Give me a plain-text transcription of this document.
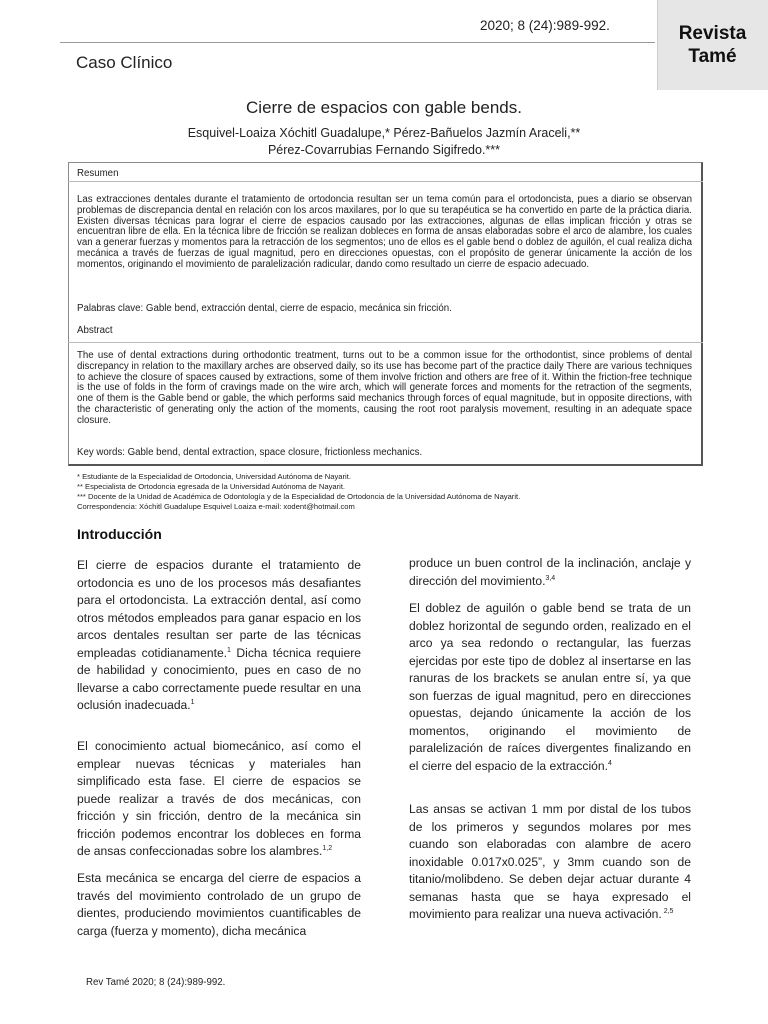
2020; 8 (24):989-992.
Caso Clínico
Revista
Tamé
Cierre de espacios con gable bends.
Esquivel-Loaiza Xóchitl Guadalupe,* Pérez-Bañuelos Jazmín Araceli,**
Pérez-Covarrubias Fernando Sigifredo.***
Resumen
Las extracciones dentales durante el tratamiento de ortodoncia resultan ser un tema común para el ortodoncista, pues a diario se observan problemas de discrepancia dental en relación con los arcos maxilares, por lo que su terapéutica se ha convertido en parte de la práctica diaria. Existen diversas técnicas para lograr el cierre de espacios causado por las extracciones, algunas de ellas implican fricción y otras se encuentran libre de ella. En la técnica libre de fricción se realizan dobleces en forma de ansas elaboradas sobre el arco de alambre, los cuales van a generar fuerzas y momentos para la retracción de los segmentos; uno de ellos es el gable bend o doblez de aguilón, el cual realiza dicha mecánica a través de fuerzas de igual magnitud, pero en direcciones opuestas, con el propósito de generar únicamente la acción de los momentos, originando el movimiento de paralelización radicular, dando como resultado un cierre de espacio adecuado.
Palabras clave: Gable bend, extracción dental, cierre de espacio, mecánica sin fricción.
Abstract
The use of dental extractions during orthodontic treatment, turns out to be a common issue for the orthodontist, since problems of dental discrepancy in relation to the maxillary arches are observed daily, so its use has become part of the practice daily There are various techniques to achieve the closure of spaces caused by extractions, some of them involve friction and others are free of it. Within the friction-free technique is the use of folds in the form of cravings made on the wire arch, which will generate forces and moments for the retraction of the segments, one of them is the Gable bend or gable, the which performs said mechanics through forces of equal magnitude, but in opposite directions, with the characteristic of generating only the action of the moments, causing the root root paralysis movement, resulting in an adequate space closure.
Key words: Gable bend, dental extraction, space closure, frictionless mechanics.
* Estudiante de la Especialidad de Ortodoncia, Universidad Autónoma de Nayarit.
** Especialista de Ortodoncia egresada de la Universidad Autónoma de Nayarit.
*** Docente de la Unidad de Académica de Odontología y de la Especialidad de Ortodoncia de la Universidad Autónoma de Nayarit.
Correspondencia: Xóchitl Guadalupe Esquivel Loaiza e-mail: xodent@hotmail.com
Introducción

El cierre de espacios durante el tratamiento de ortodoncia es uno de los procesos más desafiantes para el ortodoncista. La extracción dental, así como otros métodos empleados para ganar espacio en los arcos dentales resultan ser parte de las técnicas empleadas cotidianamente.$^1$ Dicha técnica requiere de habilidad y conocimiento, pues en caso de no llevarse a cabo correctamente puede resultar en una oclusión inadecuada.$^1$

El conocimiento actual biomecánico, así como el emplear nuevas técnicas y materiales han simplificado esta fase. El cierre de espacios se puede realizar a través de dos mecánicas, con fricción y sin fricción, dentro de la mecánica sin fricción podemos encontrar los dobleces en forma de ansas confeccionadas sobre los alambres.$^{1,2}$

Esta mecánica se encarga del cierre de espacios a través del movimiento controlado de un grupo de dientes, produciendo movimientos cuantificables de carga (fuerza y momento), dicha mecánica

produce un buen control de la inclinación, anclaje y dirección del movimiento.$^{3,4}$

El doblez de aguilón o gable bend se trata de un doblez horizontal de segundo orden, realizado en el arco ya sea redondo o rectangular, las fuerzas ejercidas por este tipo de doblez al insertarse en las ranuras de los brackets se anulan entre sí, ya que son fuerzas de igual magnitud, pero en direcciones opuestas, dejando únicamente la acción de los momentos, originando el movimiento de paralelización de raíces divergentes finalizando en el cierre del espacio de la extracción.$^4$

Las ansas se activan 1 mm por distal de los tubos de los primeros y segundos molares por mes cuando son elaboradas con alambre de acero inoxidable 0.017x0.025”, y 3mm cuando son de titanio/molibdeno. Se deben dejar actuar durante 4 semanas hasta que se haya expresado el movimiento para realizar una nueva activación. $^{2,5}$

Rev Tamé 2020; 8 (24):989-992.
